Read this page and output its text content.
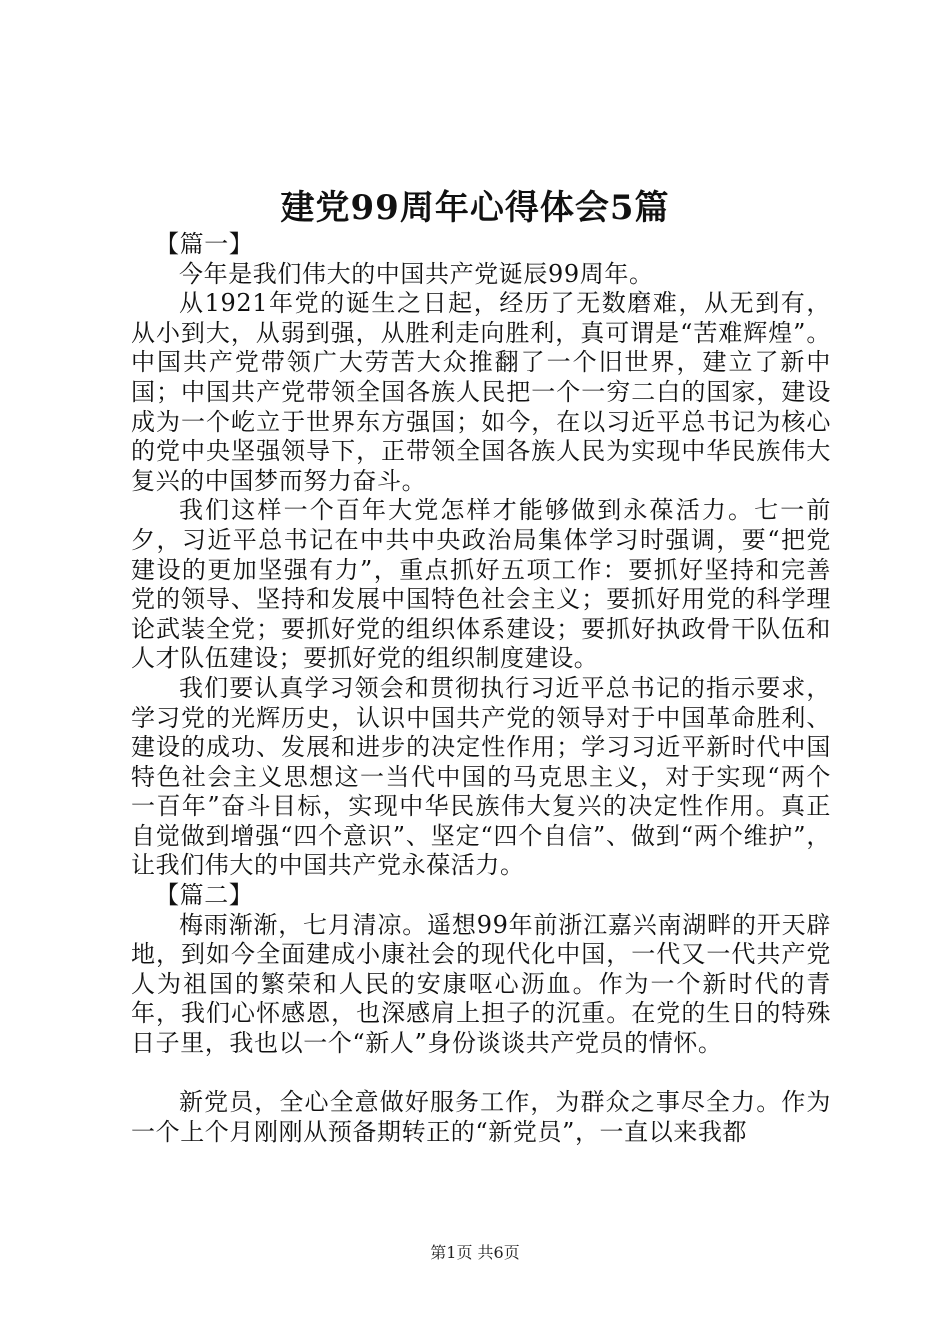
建党99周年心得体会5篇

【篇一】

今年是我们伟大的中国共产党诞辰99周年。

从1921年党的诞生之日起，经历了无数磨难，从无到有，从小到大，从弱到强，从胜利走向胜利，真可谓是“苦难辉煌”。中国共产党带领广大劳苦大众推翻了一个旧世界，建立了新中国；中国共产党带领全国各族人民把一个一穷二白的国家，建设成为一个屹立于世界东方强国；如今，在以习近平总书记为核心的党中央坚强领导下，正带领全国各族人民为实现中华民族伟大复兴的中国梦而努力奋斗。

我们这样一个百年大党怎样才能够做到永葆活力。七一前夕，习近平总书记在中共中央政治局集体学习时强调，要“把党建设的更加坚强有力”，重点抓好五项工作：要抓好坚持和完善党的领导、坚持和发展中国特色社会主义；要抓好用党的科学理论武装全党；要抓好党的组织体系建设；要抓好执政骨干队伍和人才队伍建设；要抓好党的组织制度建设。

我们要认真学习领会和贯彻执行习近平总书记的指示要求，学习党的光辉历史，认识中国共产党的领导对于中国革命胜利、建设的成功、发展和进步的决定性作用；学习习近平新时代中国特色社会主义思想这一当代中国的马克思主义，对于实现“两个一百年”奋斗目标，实现中华民族伟大复兴的决定性作用。真正自觉做到增强“四个意识”、坚定“四个自信”、做到“两个维护”，让我们伟大的中国共产党永葆活力。

【篇二】

梅雨渐渐，七月清凉。遥想99年前浙江嘉兴南湖畔的开天辟地，到如今全面建成小康社会的现代化中国，一代又一代共产党人为祖国的繁荣和人民的安康呕心沥血。作为一个新时代的青年，我们心怀感恩，也深感肩上担子的沉重。在党的生日的特殊日子里，我也以一个“新人”身份谈谈共产党员的情怀。

新党员，全心全意做好服务工作，为群众之事尽全力。作为一个上个月刚刚从预备期转正的“新党员”，一直以来我都

第1页 共6页
